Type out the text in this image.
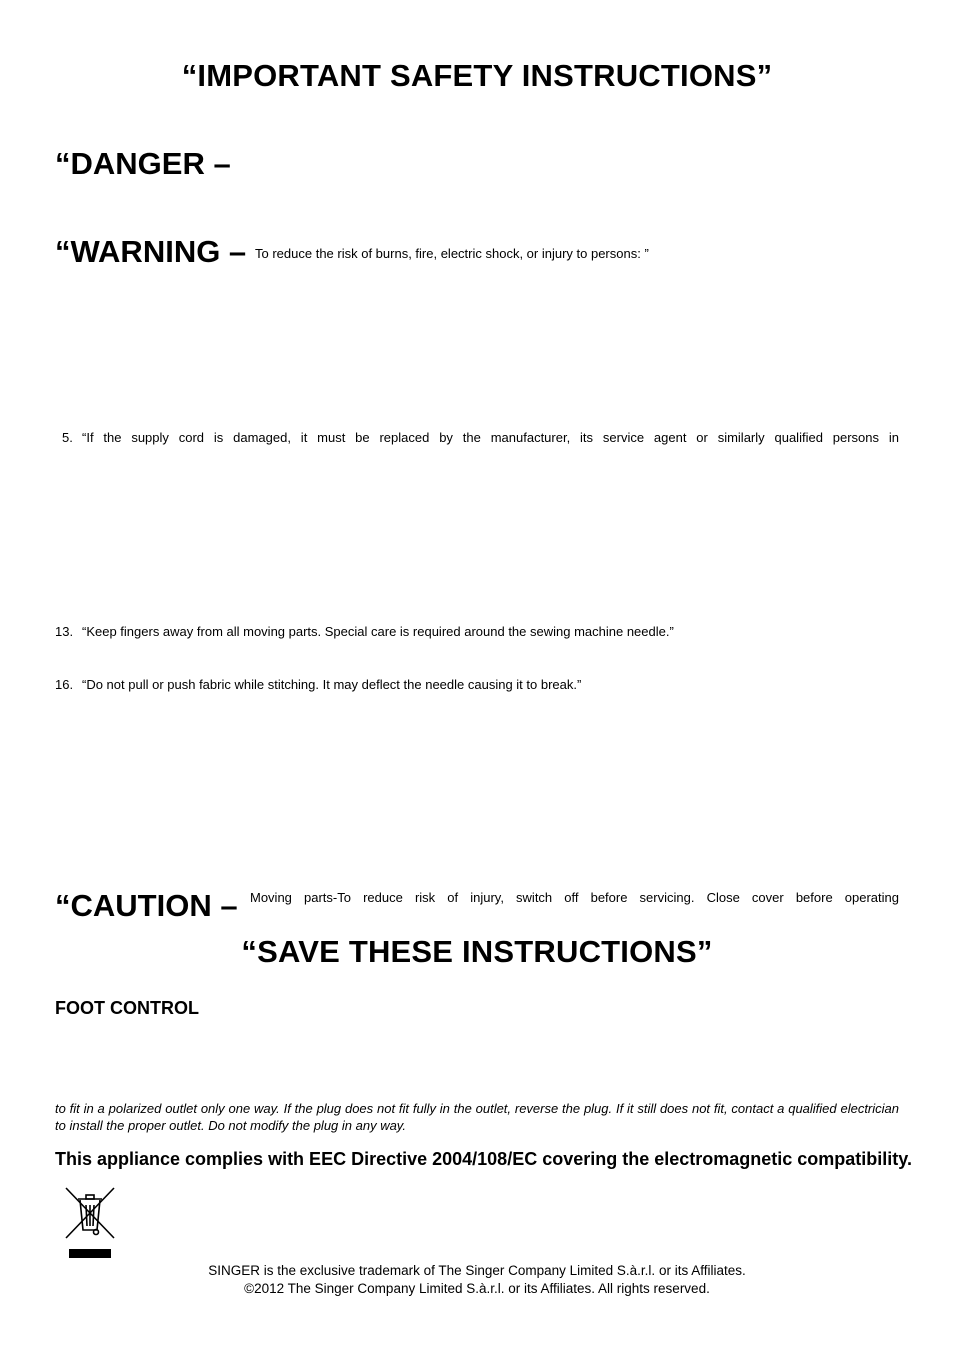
“IMPORTANT SAFETY INSTRUCTIONS”
“DANGER –
“WARNING – To reduce the risk of burns, fire, electric shock, or injury to persons: ”
5. “If the supply cord is damaged, it must be replaced by the manufacturer, its service agent or similarly qualified persons in
13. “Keep fingers away from all moving parts. Special care is required around the sewing machine needle.”
16. “Do not pull or push fabric while stitching. It may deflect the needle causing it to break.”
“CAUTION – Moving parts-To reduce risk of injury, switch off before servicing. Close cover before operating
“SAVE THESE INSTRUCTIONS”
FOOT CONTROL
to fit in a polarized outlet only one way. If the plug does not fit fully in the outlet, reverse the plug. If it still does not fit, contact a qualified electrician to install the proper outlet. Do not modify the plug in any way.
This appliance complies with EEC Directive 2004/108/EC covering the electromagnetic compatibility.
SINGER is the exclusive trademark of The Singer Company Limited S.à.r.l. or its Affiliates.
©2012 The Singer Company Limited S.à.r.l. or its Affiliates. All rights reserved.
